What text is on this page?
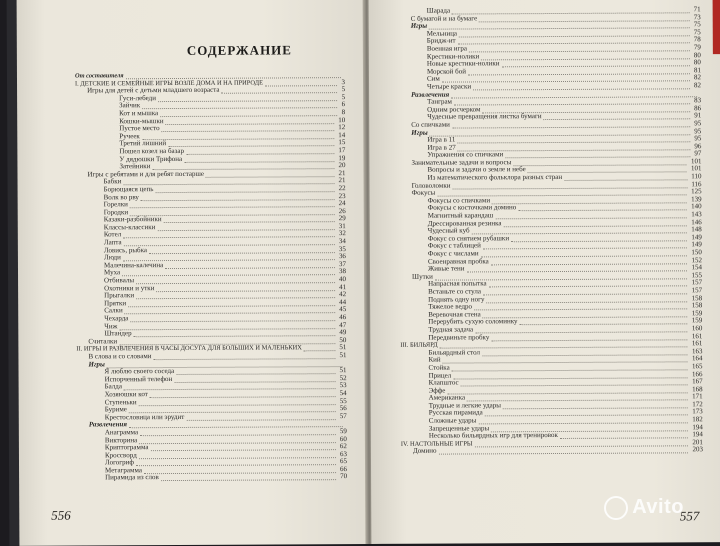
СОДЕРЖАНИЕ
От составителя
I. ДЕТСКИЕ И СЕМЕЙНЫЕ ИГРЫ ВОЗЛЕ ДОМА И НА ПРИРОДЕ	3
Игры для детей с детьми младшего возраста	5
Гуси-лебеди	5
Зайчик	6
Кот и мышка	8
Кошки-мышки	10
Пустое место	12
Ручеек	14
Третий лишний	15
Пошел козел на базар	17
У дядюшки Трифона	19
Затейники	20
Игры с ребятами и для ребят постарше	21
Бабки	21
Борющаяся цепь	22
Волк во рву	23
Горелки	24
Городки	26
Казаки-разбойники	29
Классы-классики	31
Котел	32
Лапта	34
Ловись, рыбка	35
Люди	36
Малечина-калечина	37
Муха	38
Отбивалы	40
Охотники и утки	41
Прыгалки	42
Прятки	44
Салки	45
Чехарда	46
Чиж	47
Штандер	49
Считалки	50
II. ИГРЫ И РАЗВЛЕЧЕНИЯ В ЧАСЫ ДОСУГА ДЛЯ БОЛЬШИХ И МАЛЕНЬКИХ	51
В слова и со словами	51
Игры
Я люблю своего соседа	51
Испорченный телефон	52
Балда	53
Хозяюшки кот	54
Ступеньки	55
Буриме	56
Крестословица или эрудит	57
Развлечения
Анаграмма	59
Викторина	60
Криптограмма	62
Кроссворд	63
Логогриф	65
Метаграмма	66
Пирамида из слов	70
556
Шарада	71
С бумагой и на бумаге	73
Игры	75
Мельница	75
Бридж-ит	78
Военная игра	79
Крестики-нолики	80
Новые крестики-нолики	80
Морской бой	81
Сим	82
Четыре краски	82
Развлечения
Танграм	83
Одним росчерком	86
Чудесные превращения листка бумаги	91
Со спичками	95
Игры	95
Игра в 11	95
Игра в 27	96
Упражнения со спичками	97
Занимательные задачи и вопросы	101
Вопросы и задачи о земле и небе	101
Из математического фольклора разных стран	110
Головоломки	116
Фокусы	125
Фокусы со спичками	139
Фокусы с косточками домино	140
Магнитный карандаш	143
Дрессированная резинка	146
Чудесный куб	148
Фокус со снятием рубашки	149
Фокус с таблицей	149
Фокус с числами	150
Своенравная пробка	152
Живые тени	154
Шутки	155
Напрасная попытка	157
Встаньте со стула	157
Поднять одну ногу	158
Тяжелое ведро	158
Веревочная стена	159
Перерубить сухую соломинку	159
Трудная задача	160
Передвиньте пробку	161
III. БИЛЬЯРД	161
Бильярдный стол	163
Кий	164
Стойка	165
Прицел	166
Клапштос	167
Эффе	168
Американка	171
Трудные и легкие удары	172
Русская пирамида	173
Сложные удары	182
Запрещенные удары	194
Несколько бильярдных игр для тренировок	194
IV. НАСТОЛЬНЫЕ ИГРЫ	201
Домино	203
557
Avito
